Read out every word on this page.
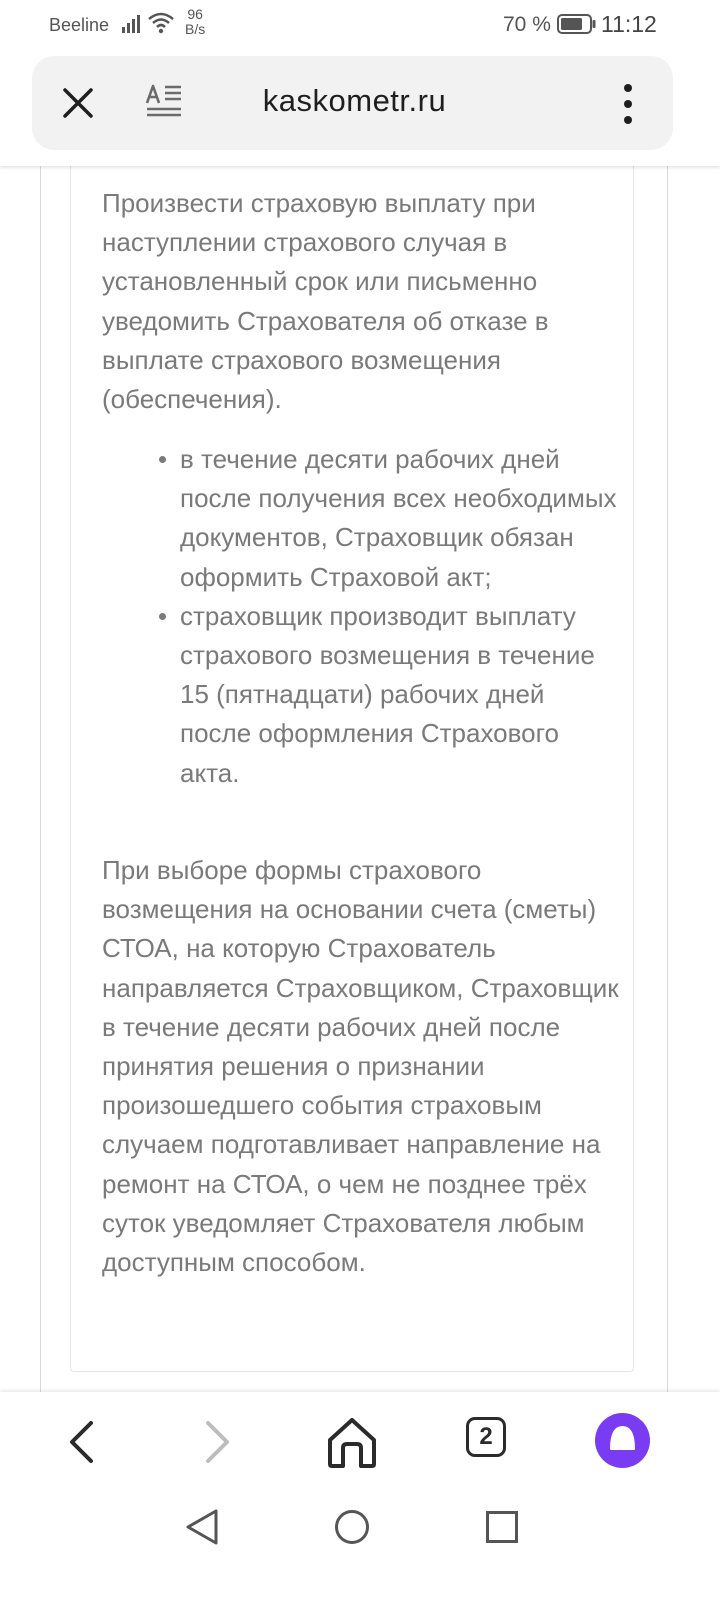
Beeline
96
B/s	70 % 11:12
kaskometr.ru

Произвести страховую выплату при наступлении страхового случая в установленный срок или письменно уведомить Страхователя об отказе в выплате страхового возмещения (обеспечения).

в течение десяти рабочих дней после получения всех необходимых документов, Страховщик обязан оформить Страховой акт;
страховщик производит выплату страхового возмещения в течение 15 (пятнадцати) рабочих дней после оформления Страхового акта.

При выборе формы страхового возмещения на основании счета (сметы) СТОА, на которую Страхователь направляется Страховщиком, Страховщик в течение десяти рабочих дней после принятия решения о признании произошедшего события страховым случаем подготавливает направление на ремонт на СТОА, о чем не позднее трёх суток уведомляет Страхователя любым доступным способом.

2
